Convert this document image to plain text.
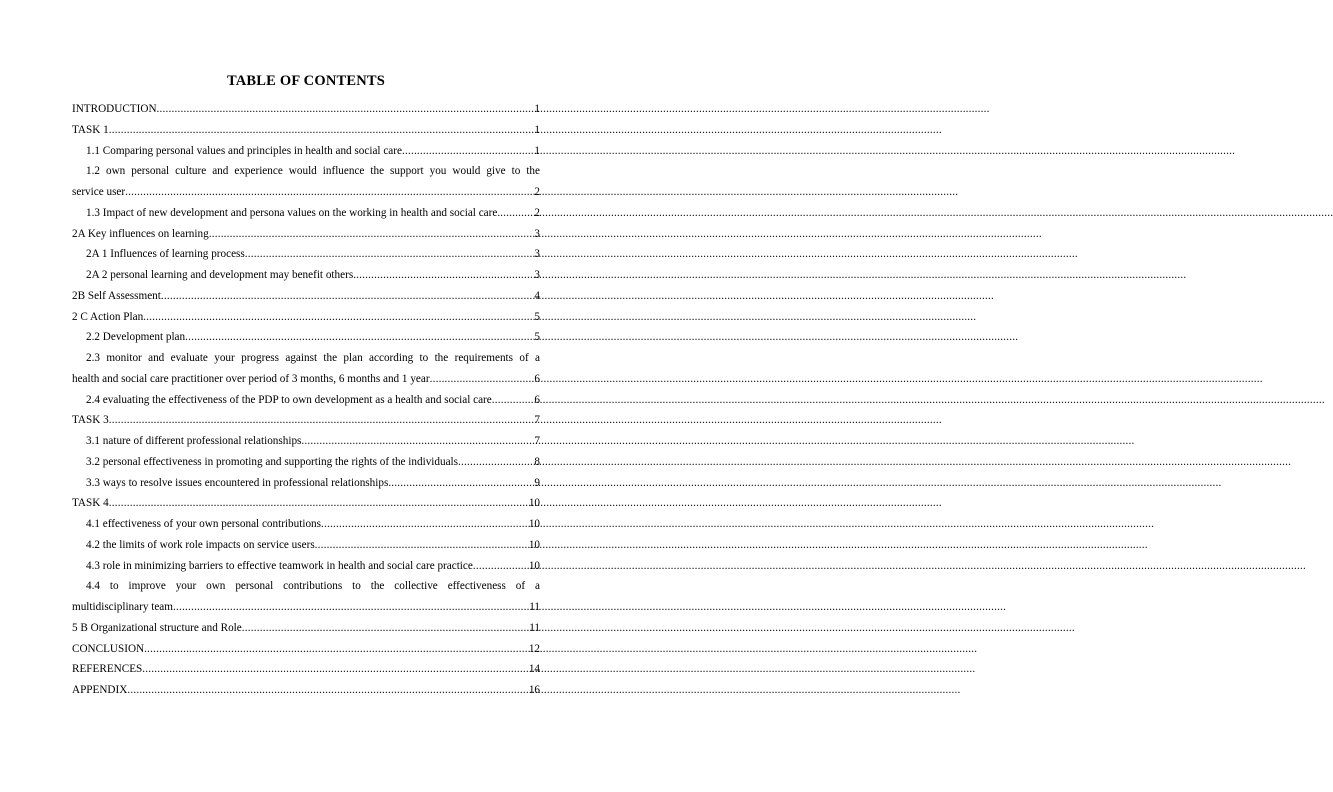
TABLE OF CONTENTS
INTRODUCTION .....	1
TASK 1 .....	1
1.1 Comparing personal values and principles in health and social care .....	1
1.2 own personal culture and experience would influence the support you would give to the
service user .....	2
1.3 Impact of new development and persona values on the working in health and social care. .....	2
2A Key influences on learning .....	3
2A 1 Influences of learning process .....	3
2A 2 personal learning and development may benefit others .....	3
2B Self Assessment .....	4
2 C Action Plan .....	5
2.2 Development plan .....	5
2.3 monitor and evaluate your progress against the plan according to the requirements of a
health and social care practitioner over period of 3 months, 6 months and 1 year .....	6
2.4 evaluating the effectiveness of the PDP to own development as a health and social care .....	6
TASK 3 .....	7
3.1 nature of different professional relationships .....	7
3.2 personal effectiveness in promoting and supporting the rights of the individuals .....	8
3.3 ways to resolve issues encountered in professional relationships .....	9
TASK 4 .....	10
4.1 effectiveness of your own personal contributions .....	10
4.2 the limits of work role impacts on service users .....	10
4.3 role in minimizing barriers to effective teamwork in health and social care practice .....	10
4.4 to improve your own personal contributions to the collective effectiveness of a
multidisciplinary team .....	11
5 B Organizational structure and Role .....	11
CONCLUSION .....	12
REFERENCES .....	14
APPENDIX .....	16
